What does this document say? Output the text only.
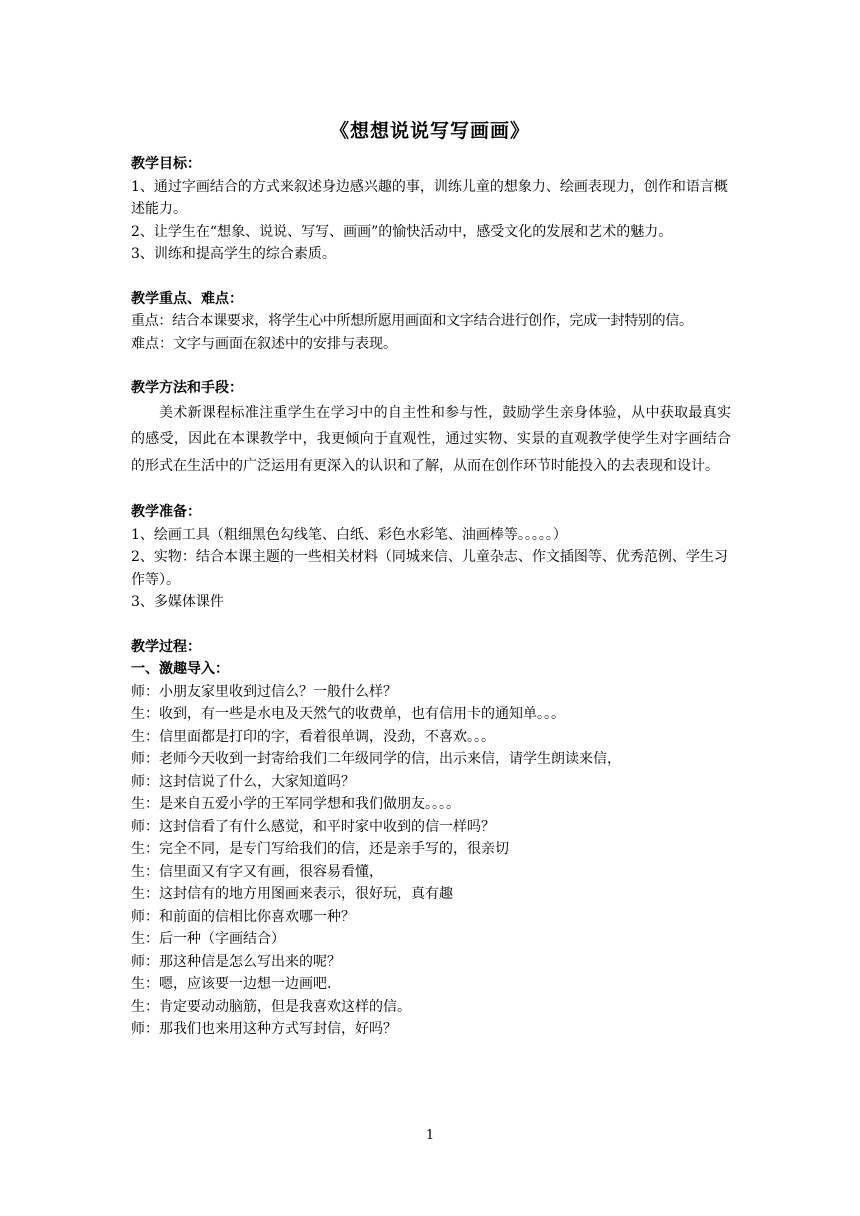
《想想说说写写画画》
教学目标：
1、通过字画结合的方式来叙述身边感兴趣的事，训练儿童的想象力、绘画表现力，创作和语言概述能力。
2、让学生在“想象、说说、写写、画画”的愉快活动中，感受文化的发展和艺术的魅力。
3、训练和提高学生的综合素质。
教学重点、难点：
重点：结合本课要求，将学生心中所想所愿用画面和文字结合进行创作，完成一封特别的信。
难点：文字与画面在叙述中的安排与表现。
教学方法和手段：
美术新课程标准注重学生在学习中的自主性和参与性，鼓励学生亲身体验，从中获取最真实的感受，因此在本课教学中，我更倾向于直观性，通过实物、实景的直观教学使学生对字画结合的形式在生活中的广泛运用有更深入的认识和了解，从而在创作环节时能投入的去表现和设计。
教学准备：
1、绘画工具（粗细黑色勾线笔、白纸、彩色水彩笔、油画棒等。。。。。）
2、实物：结合本课主题的一些相关材料（同城来信、儿童杂志、作文插图等、优秀范例、学生习作等）。
3、多媒体课件
教学过程：
一、激趣导入：
师：小朋友家里收到过信么？一般什么样？
生：收到，有一些是水电及天然气的收费单，也有信用卡的通知单。。。
生：信里面都是打印的字，看着很单调，没劲，不喜欢。。。
师：老师今天收到一封寄给我们二年级同学的信，出示来信，请学生朗读来信，
师：这封信说了什么，大家知道吗？
生：是来自五爱小学的王军同学想和我们做朋友。。。。
师：这封信看了有什么感觉，和平时家中收到的信一样吗？
生：完全不同，是专门写给我们的信，还是亲手写的，很亲切
生：信里面又有字又有画，很容易看懂，
生：这封信有的地方用图画来表示，很好玩，真有趣
师：和前面的信相比你喜欢哪一种？
生：后一种（字画结合）
师：那这种信是怎么写出来的呢？
生：嗯，应该要一边想一边画吧.
生：肯定要动动脑筋，但是我喜欢这样的信。
师：那我们也来用这种方式写封信，好吗？
1
